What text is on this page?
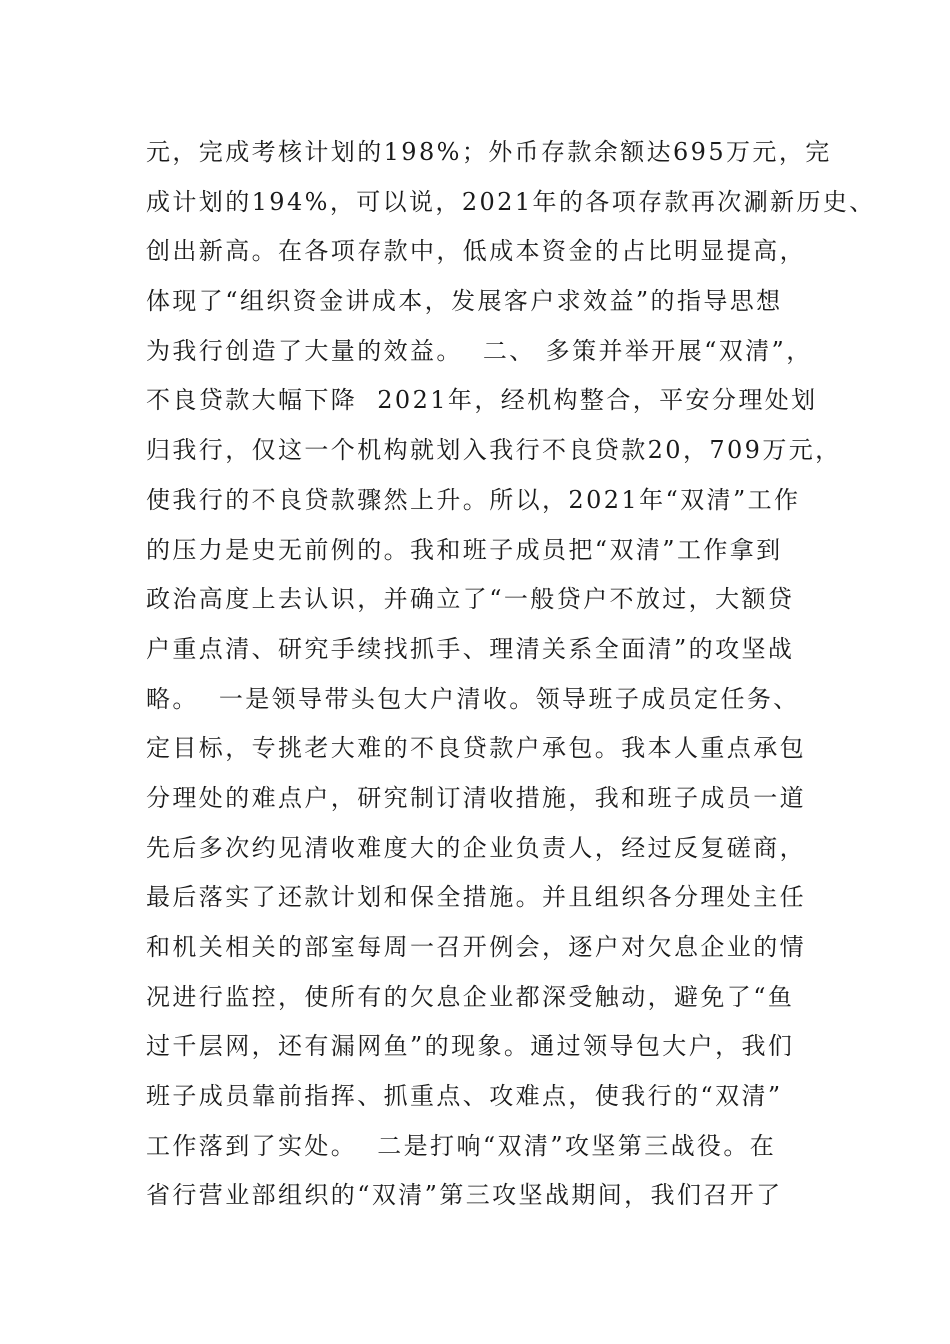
元，完成考核计划的198%；外币存款余额达695万元，完
成计划的194%，可以说，2021年的各项存款再次涮新历史、
创出新高。在各项存款中，低成本资金的占比明显提高，
体现了“组织资金讲成本，发展客户求效益”的指导思想
为我行创造了大量的效益。  二、 多策并举开展“双清”，
不良贷款大幅下降  2021年，经机构整合，平安分理处划
归我行，仅这一个机构就划入我行不良贷款20，709万元，
使我行的不良贷款骤然上升。所以，2021年“双清”工作
的压力是史无前例的。我和班子成员把“双清”工作拿到
政治高度上去认识，并确立了“一般贷户不放过，大额贷
户重点清、研究手续找抓手、理清关系全面清”的攻坚战
略。  一是领导带头包大户清收。领导班子成员定任务、
定目标，专挑老大难的不良贷款户承包。我本人重点承包
分理处的难点户，研究制订清收措施，我和班子成员一道
先后多次约见清收难度大的企业负责人，经过反复磋商，
最后落实了还款计划和保全措施。并且组织各分理处主任
和机关相关的部室每周一召开例会，逐户对欠息企业的情
况进行监控，使所有的欠息企业都深受触动，避免了“鱼
过千层网，还有漏网鱼”的现象。通过领导包大户，我们
班子成员靠前指挥、抓重点、攻难点，使我行的“双清”
工作落到了实处。  二是打响“双清”攻坚第三战役。在
省行营业部组织的“双清”第三攻坚战期间，我们召开了
